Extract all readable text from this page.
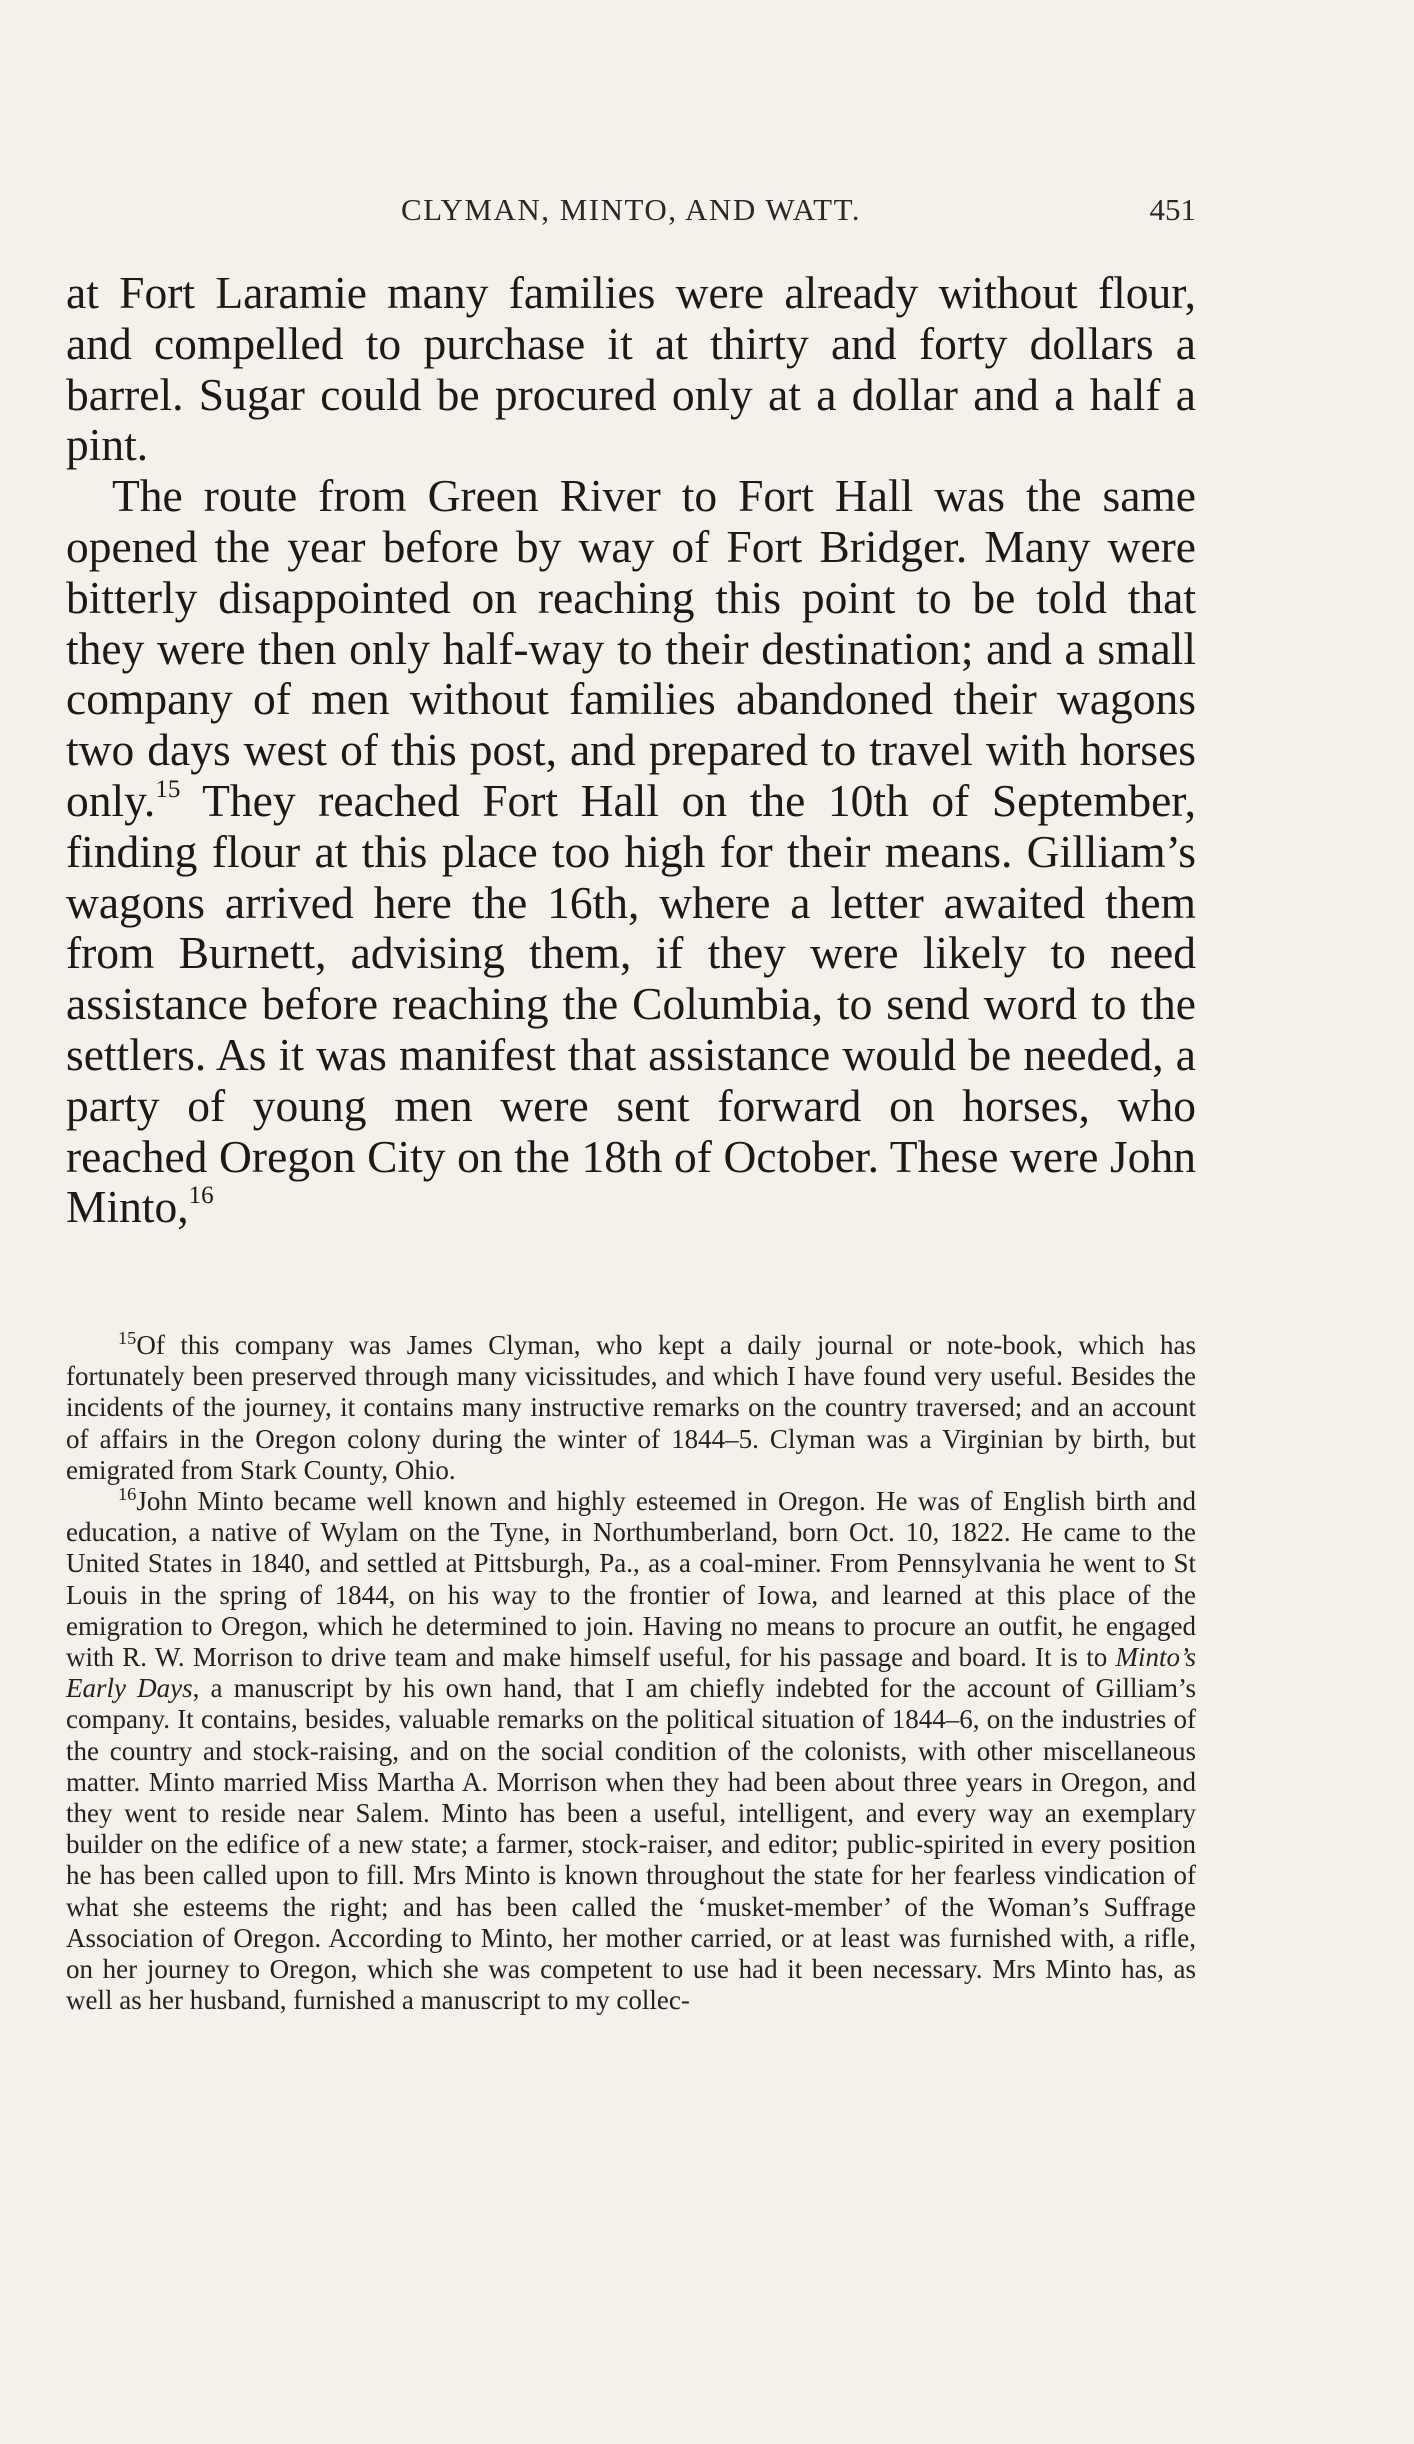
CLYMAN, MINTO, AND WATT.	451

at Fort Laramie many families were already without flour, and compelled to purchase it at thirty and forty dollars a barrel. Sugar could be procured only at a dollar and a half a pint.

The route from Green River to Fort Hall was the same opened the year before by way of Fort Bridger. Many were bitterly disappointed on reaching this point to be told that they were then only half-way to their destination; and a small company of men without families abandoned their wagons two days west of this post, and prepared to travel with horses only.$^{15}$ They reached Fort Hall on the 10th of September, finding flour at this place too high for their means. Gilliam’s wagons arrived here the 16th, where a letter awaited them from Burnett, advising them, if they were likely to need assistance before reaching the Columbia, to send word to the settlers. As it was manifest that assistance would be needed, a party of young men were sent forward on horses, who reached Oregon City on the 18th of October. These were John Minto,$^{16}$

$^{15}$Of this company was James Clyman, who kept a daily journal or note-book, which has fortunately been preserved through many vicissitudes, and which I have found very useful. Besides the incidents of the journey, it contains many instructive remarks on the country traversed; and an account of affairs in the Oregon colony during the winter of 1844–5. Clyman was a Virginian by birth, but emigrated from Stark County, Ohio.

$^{16}$John Minto became well known and highly esteemed in Oregon. He was of English birth and education, a native of Wylam on the Tyne, in Northumberland, born Oct. 10, 1822. He came to the United States in 1840, and settled at Pittsburgh, Pa., as a coal-miner. From Pennsylvania he went to St Louis in the spring of 1844, on his way to the frontier of Iowa, and learned at this place of the emigration to Oregon, which he determined to join. Having no means to procure an outfit, he engaged with R. W. Morrison to drive team and make himself useful, for his passage and board. It is to Minto’s Early Days, a manuscript by his own hand, that I am chiefly indebted for the account of Gilliam’s company. It contains, besides, valuable remarks on the political situation of 1844–6, on the industries of the country and stock-raising, and on the social condition of the colonists, with other miscellaneous matter. Minto married Miss Martha A. Morrison when they had been about three years in Oregon, and they went to reside near Salem. Minto has been a useful, intelligent, and every way an exemplary builder on the edifice of a new state; a farmer, stock-raiser, and editor; public-spirited in every position he has been called upon to fill. Mrs Minto is known throughout the state for her fearless vindication of what she esteems the right; and has been called the ‘musket-member’ of the Woman’s Suffrage Association of Oregon. According to Minto, her mother carried, or at least was furnished with, a rifle, on her journey to Oregon, which she was competent to use had it been necessary. Mrs Minto has, as well as her husband, furnished a manuscript to my collec-
